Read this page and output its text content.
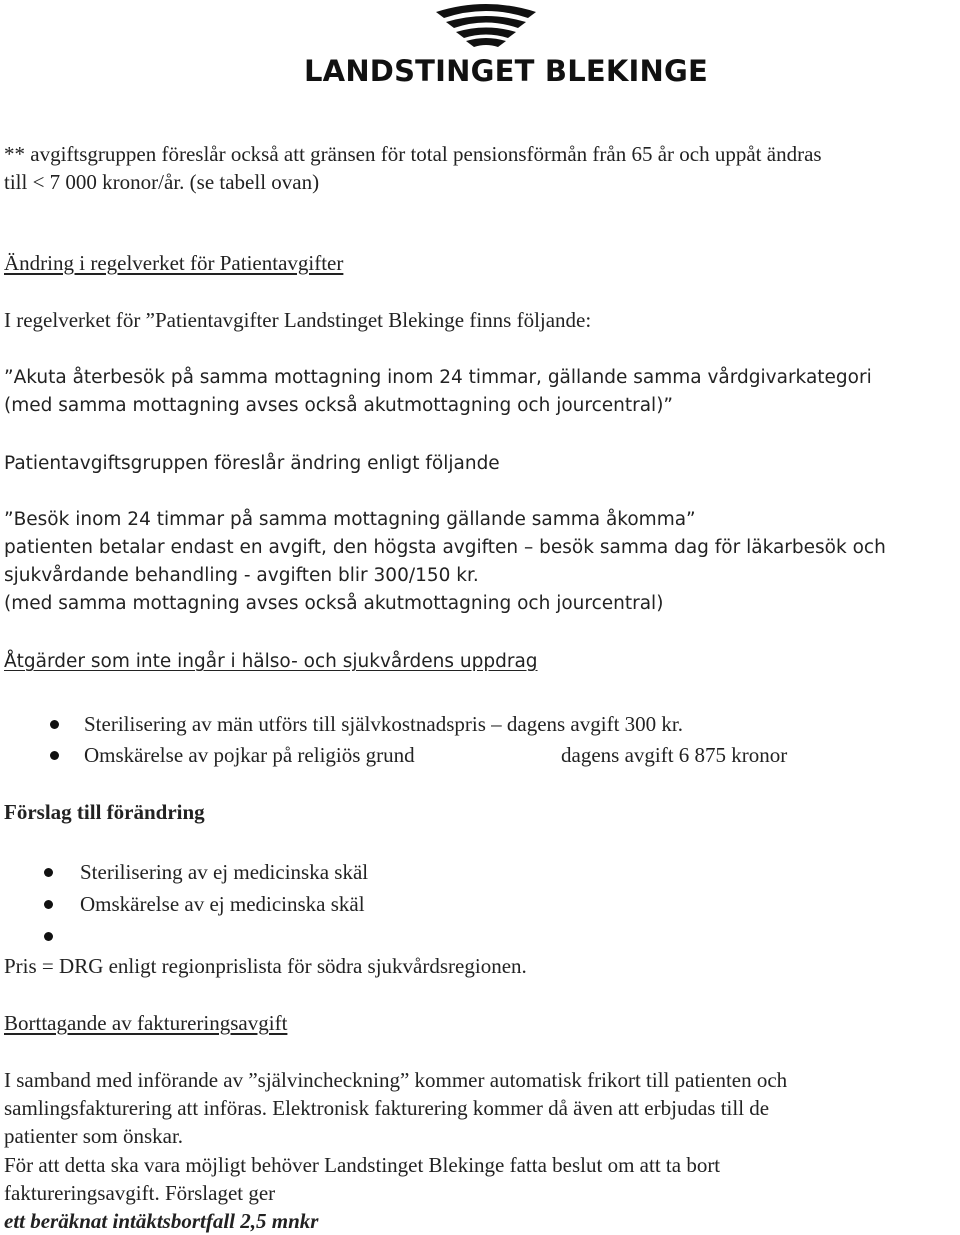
LANDSTINGET BLEKINGE
** avgiftsgruppen föreslår också att gränsen för total pensionsförmån från 65 år och uppåt ändras
till < 7 000 kronor/år. (se tabell ovan)
Ändring i regelverket för Patientavgifter
I regelverket för ”Patientavgifter Landstinget Blekinge finns följande:
”Akuta återbesök på samma mottagning inom 24 timmar, gällande samma vårdgivarkategori
(med samma mottagning avses också akutmottagning och jourcentral)”
Patientavgiftsgruppen föreslår ändring enligt följande
”Besök inom 24 timmar på samma mottagning gällande samma åkomma”
patienten betalar endast en avgift, den högsta avgiften – besök samma dag för läkarbesök och
sjukvårdande behandling - avgiften blir 300/150 kr.
(med samma mottagning avses också akutmottagning och jourcentral)
Åtgärder som inte ingår i hälso- och sjukvårdens uppdrag
Sterilisering av män utförs till självkostnadspris – dagens avgift 300 kr.
Omskärelse av pojkar på religiös grund	dagens avgift 6 875 kronor
Förslag till förändring
Sterilisering av ej medicinska skäl
Omskärelse av ej medicinska skäl
Pris = DRG enligt regionprislista för södra sjukvårdsregionen.
Borttagande av faktureringsavgift
I samband med införande av ”självincheckning” kommer automatisk frikort till patienten och
samlingsfakturering att införas. Elektronisk fakturering kommer då även att erbjudas till de
patienter som önskar.
För att detta ska vara möjligt behöver Landstinget Blekinge fatta beslut om att ta bort
faktureringsavgift. Förslaget ger
ett beräknat intäktsbortfall 2,5 mnkr
